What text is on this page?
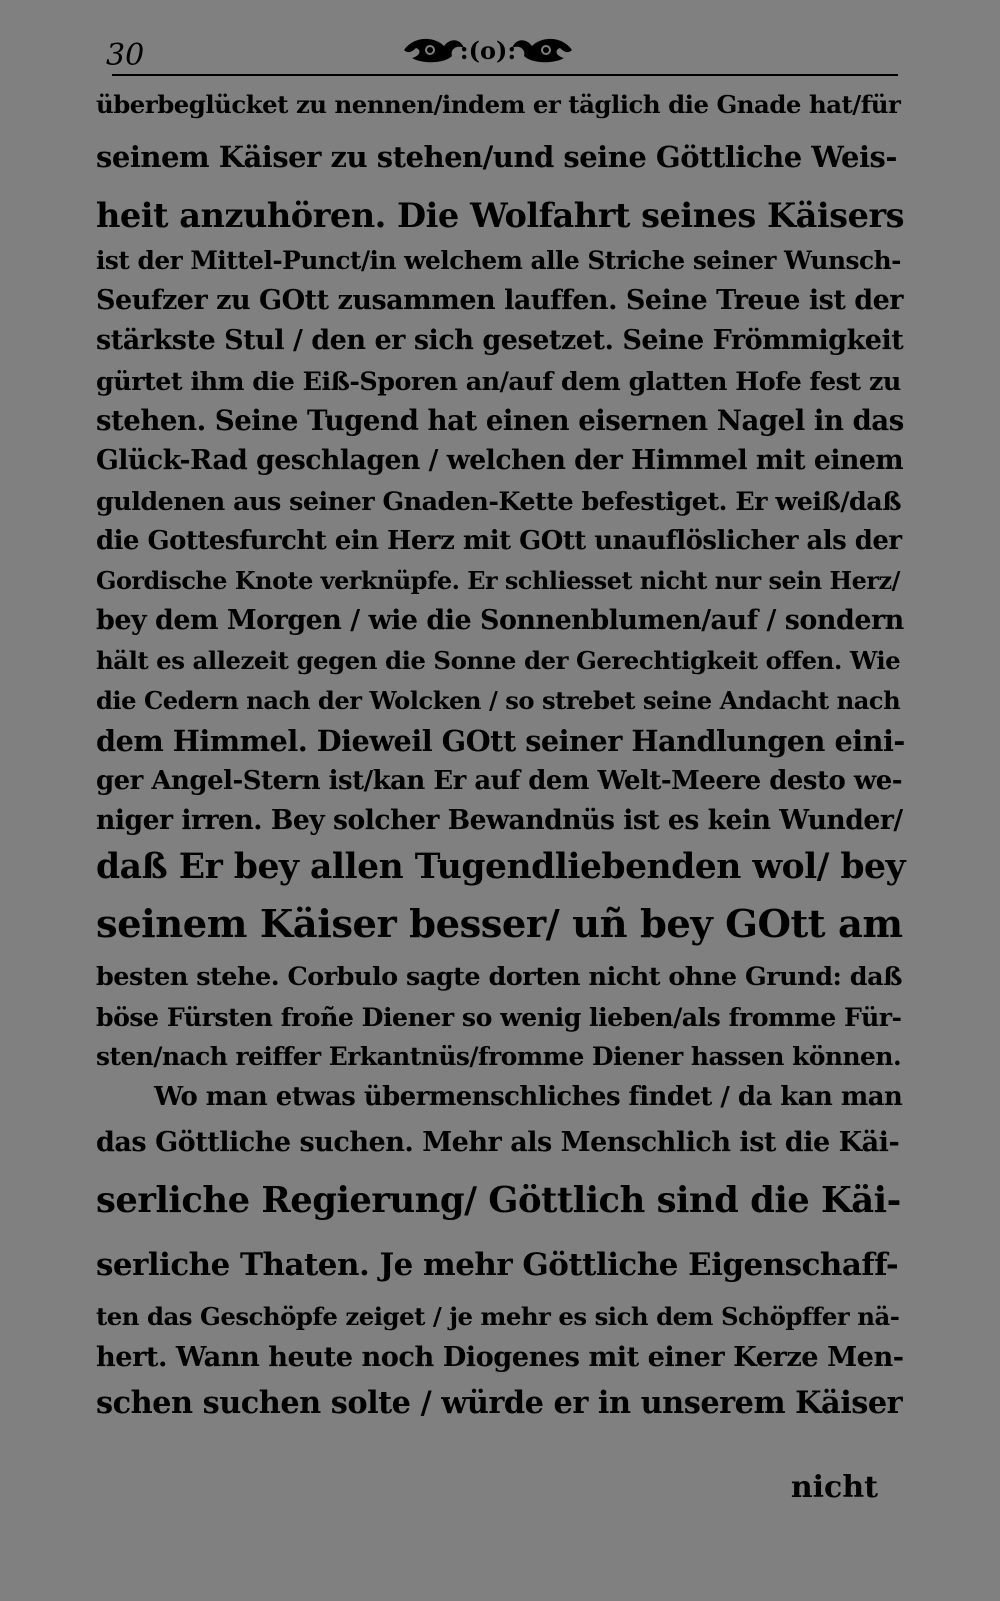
30	:(o):
überbeglücket zu nennen/indem er täglich die Gnade hat/für
seinem Käiser zu stehen/und seine Göttliche Weis-
heit anzuhören. Die Wolfahrt seines Käisers
ist der Mittel-Punct/in welchem alle Striche seiner Wunsch-
Seufzer zu GOtt zusammen lauffen. Seine Treue ist der
stärkste Stul / den er sich gesetzet. Seine Frömmigkeit
gürtet ihm die Eiß-Sporen an/auf dem glatten Hofe fest zu
stehen. Seine Tugend hat einen eisernen Nagel in das
Glück-Rad geschlagen / welchen der Himmel mit einem
guldenen aus seiner Gnaden-Kette befestiget. Er weiß/daß
die Gottesfurcht ein Herz mit GOtt unauflöslicher als der
Gordische Knote verknüpfe. Er schliesset nicht nur sein Herz/
bey dem Morgen / wie die Sonnenblumen/auf / sondern
hält es allezeit gegen die Sonne der Gerechtigkeit offen. Wie
die Cedern nach der Wolcken / so strebet seine Andacht nach
dem Himmel. Dieweil GOtt seiner Handlungen eini-
ger Angel-Stern ist/kan Er auf dem Welt-Meere desto we-
niger irren. Bey solcher Bewandnüs ist es kein Wunder/
daß Er bey allen Tugendliebenden wol/ bey
seinem Käiser besser/ uñ bey GOtt am
besten stehe. Corbulo sagte dorten nicht ohne Grund: daß
böse Fürsten froñe Diener so wenig lieben/als fromme Für-
sten/nach reiffer Erkantnüs/fromme Diener hassen können.
Wo man etwas übermenschliches findet / da kan man
das Göttliche suchen. Mehr als Menschlich ist die Käi-
serliche Regierung/ Göttlich sind die Käi-
serliche Thaten. Je mehr Göttliche Eigenschaff-
ten das Geschöpfe zeiget / je mehr es sich dem Schöpffer nä-
hert. Wann heute noch Diogenes mit einer Kerze Men-
schen suchen solte / würde er in unserem Käiser
nicht
